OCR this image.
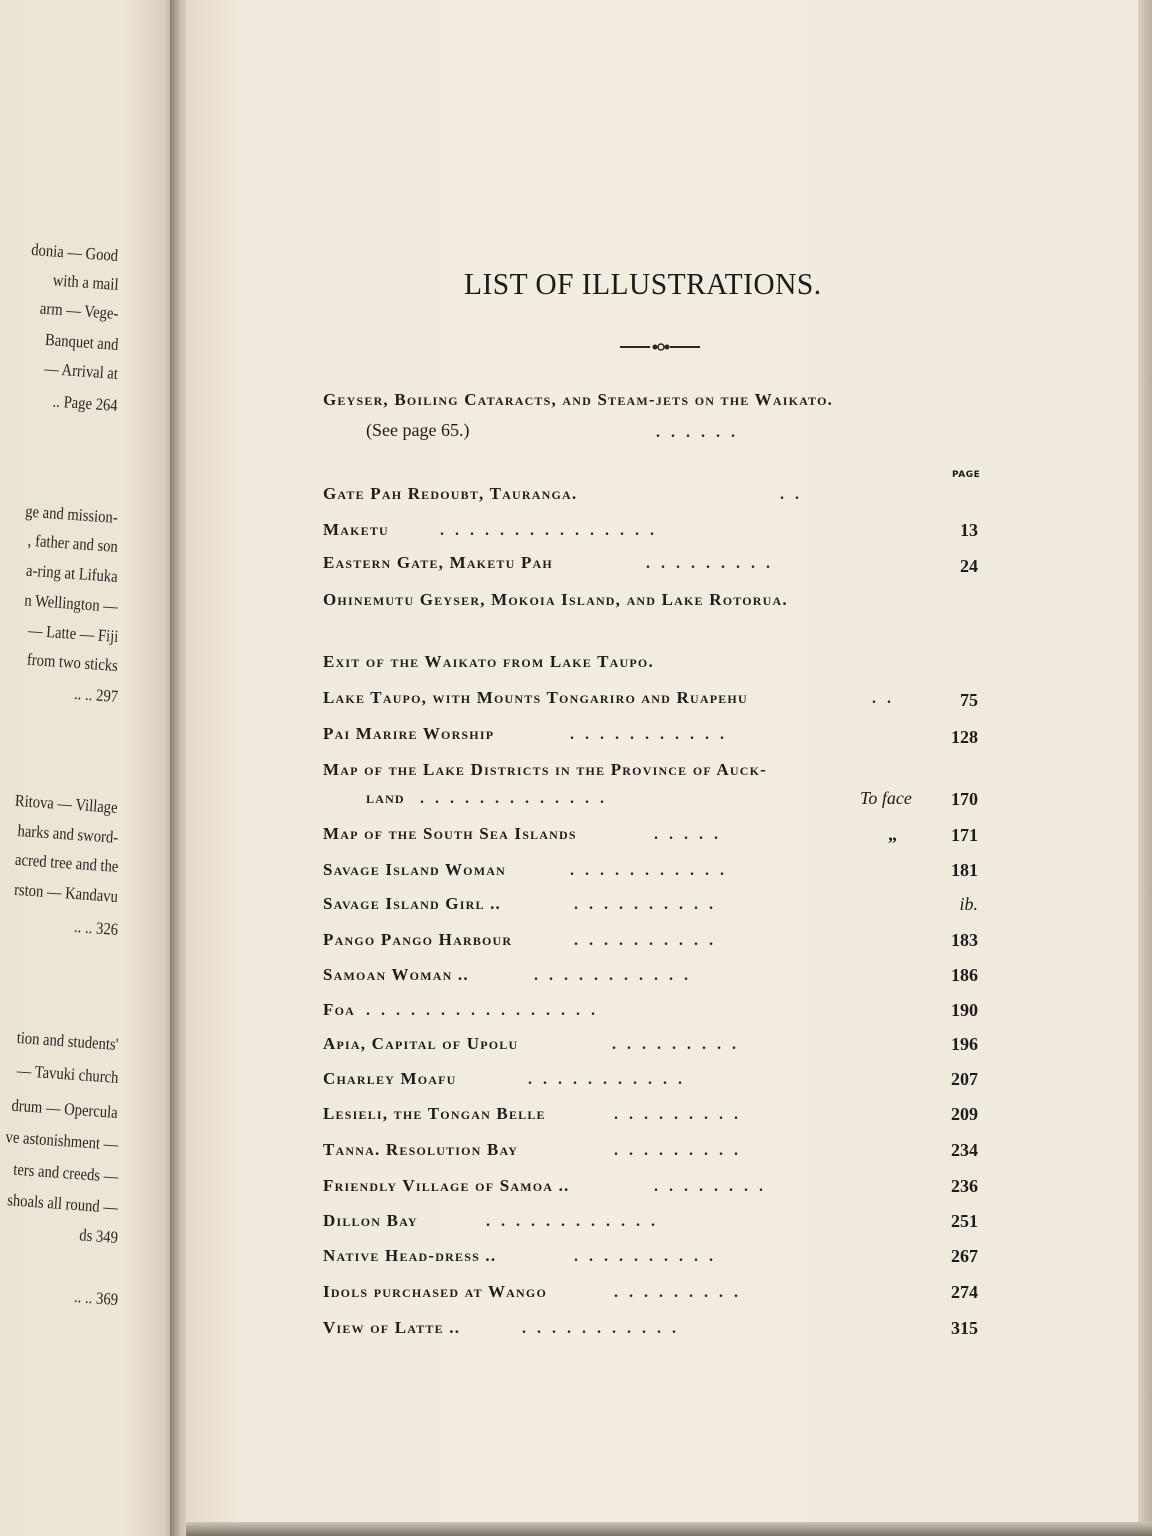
donia — Good
with a mail
arm — Vege-
Banquet and
— Arrival at
.. Page 264
ge and mission-
, father and son
a-ring at Lifuka
n Wellington —
— Latte — Fiji
from two sticks
.. .. 297
Ritova — Village
harks and sword-
acred tree and the
rston — Kandavu
.. .. 326
tion and students'
— Tavuki church
drum — Opercula
ve astonishment —
ters and creeds —
shoals all round —
ds 349
.. .. 369
LIST OF ILLUSTRATIONS.
PAGE
Geyser, Boiling Cataracts, and Steam-jets on the Waikato.
(See page 65.)	......
Gate Pah Redoubt, Tauranga.	..
Maketu	...............	13
Eastern Gate, Maketu Pah	.........	24
Ohinemutu Geyser, Mokoia Island, and Lake Rotorua.
Exit of the Waikato from Lake Taupo.
Lake Taupo, with Mounts Tongariro and Ruapehu	..	75
Pai Marire Worship	...........	128
Map of the Lake Districts in the Province of Auck-
land .............	To face 170
Map of the South Sea Islands	.....	„	171
Savage Island Woman	...........	181
Savage Island Girl ..	..........	ib.
Pango Pango Harbour	..........	183
Samoan Woman ..	...........	186
Foa ................	190
Apia, Capital of Upolu	.........	196
Charley Moafu	...........	207
Lesieli, the Tongan Belle	.........	209
Tanna. Resolution Bay	.........	234
Friendly Village of Samoa ..	........	236
Dillon Bay	............	251
Native Head-dress ..	..........	267
Idols purchased at Wango	.........	274
View of Latte ..	...........	315
